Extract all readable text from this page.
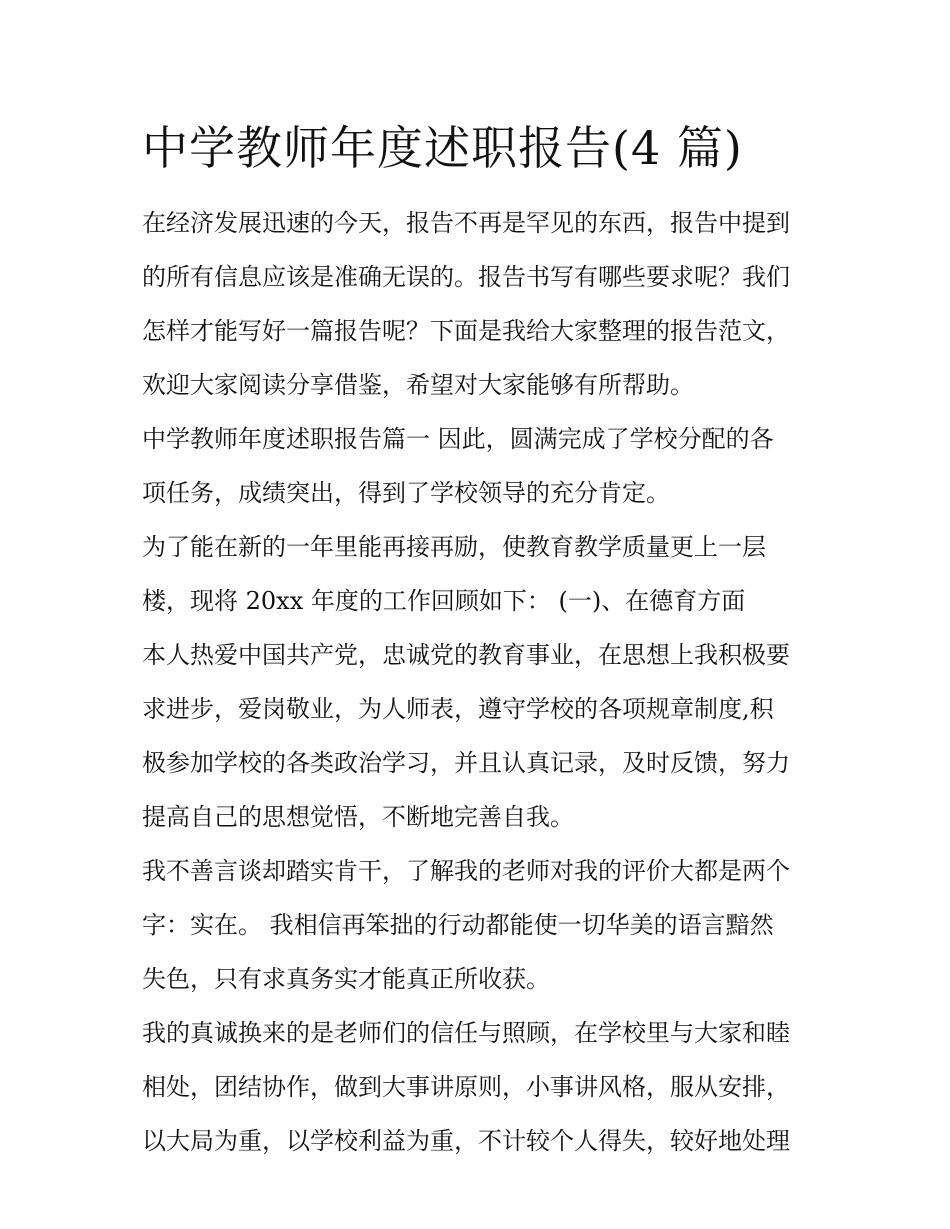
中学教师年度述职报告(4 篇)
在经济发展迅速的今天，报告不再是罕见的东西，报告中提到
的所有信息应该是准确无误的。报告书写有哪些要求呢？我们
怎样才能写好一篇报告呢？下面是我给大家整理的报告范文，
欢迎大家阅读分享借鉴，希望对大家能够有所帮助。
中学教师年度述职报告篇一 因此，圆满完成了学校分配的各
项任务，成绩突出，得到了学校领导的充分肯定。
为了能在新的一年里能再接再励，使教育教学质量更上一层
楼，现将 20xx 年度的工作回顾如下： (一)、在德育方面
本人热爱中国共产党，忠诚党的教育事业，在思想上我积极要
求进步，爱岗敬业，为人师表，遵守学校的各项规章制度,积
极参加学校的各类政治学习，并且认真记录，及时反馈，努力
提高自己的思想觉悟，不断地完善自我。
我不善言谈却踏实肯干，了解我的老师对我的评价大都是两个
字：实在。 我相信再笨拙的行动都能使一切华美的语言黯然
失色，只有求真务实才能真正所收获。
我的真诚换来的是老师们的信任与照顾，在学校里与大家和睦
相处，团结协作，做到大事讲原则，小事讲风格，服从安排，
以大局为重，以学校利益为重，不计较个人得失，较好地处理
